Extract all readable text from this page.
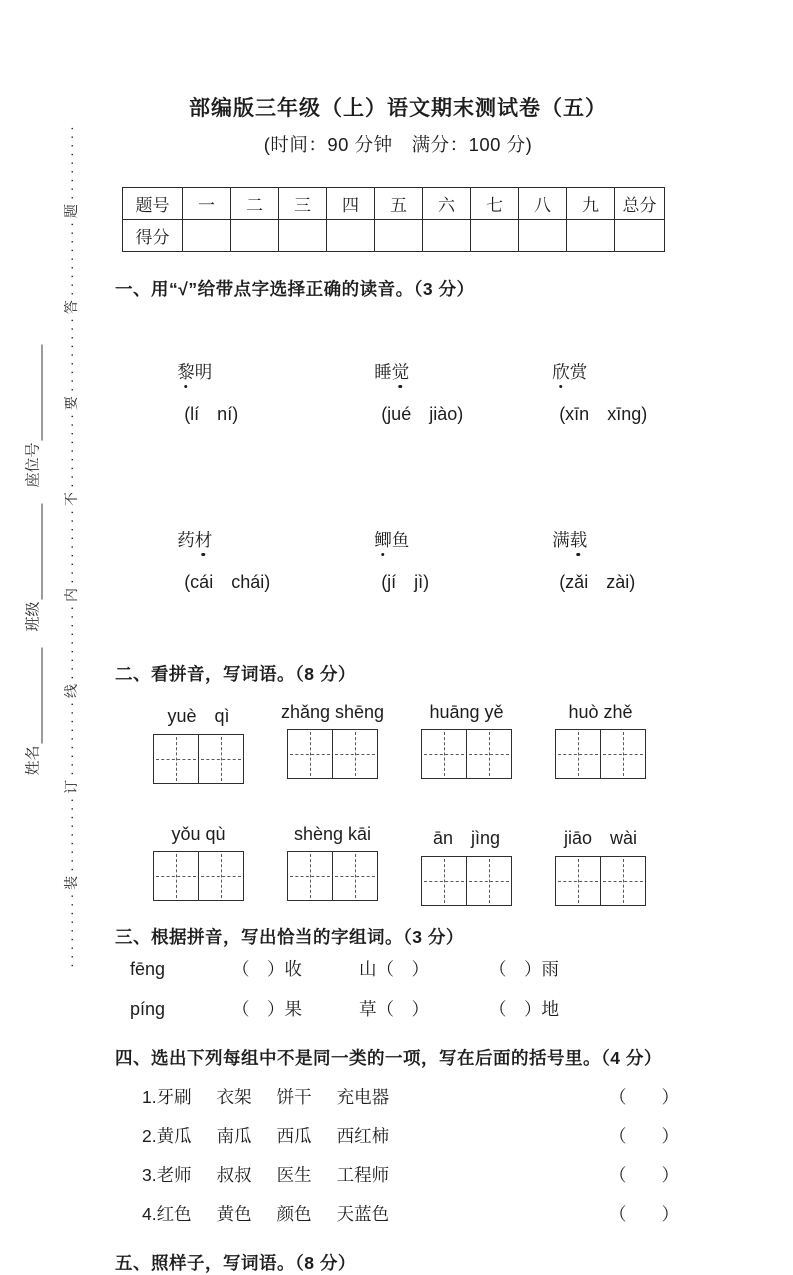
·········装·········订·········线·········内·········不·········要·········答·········题·········
姓名
班级
座位号
部编版三年级（上）语文期末测试卷（五）
(时间：90 分钟　满分：100 分)
题号	一	二	三	四	五	六	七	八	九	总分
得分										
一、用“√”给带点字选择正确的读音。（3 分）

黎明
(lí　ní)

睡觉
(jué　jiào)

欣赏
(xīn　xīng)

药材
(cái　chái)

鲫鱼
(jí　jì)

满载
(zǎi　zài)

二、看拼音，写词语。（8 分）
yuè　qì	zhǎng shēng	huāng yě	huò zhě
yǒu qù	shèng kāi	ān　jìng	jiāo　wài
三、根据拼音，写出恰当的字组词。（3 分）
fēng	（　）收	山（　）	（　）雨
píng	（　）果	草（　）	（　）地
四、选出下列每组中不是同一类的一项，写在后面的括号里。（4 分）
1.牙刷 衣架 饼干 充电器	（　　）
2.黄瓜 南瓜 西瓜 西红柿	（　　）
3.老师 叔叔 医生 工程师	（　　）
4.红色 黄色 颜色 天蓝色	（　　）
五、照样子，写词语。（8 分）
